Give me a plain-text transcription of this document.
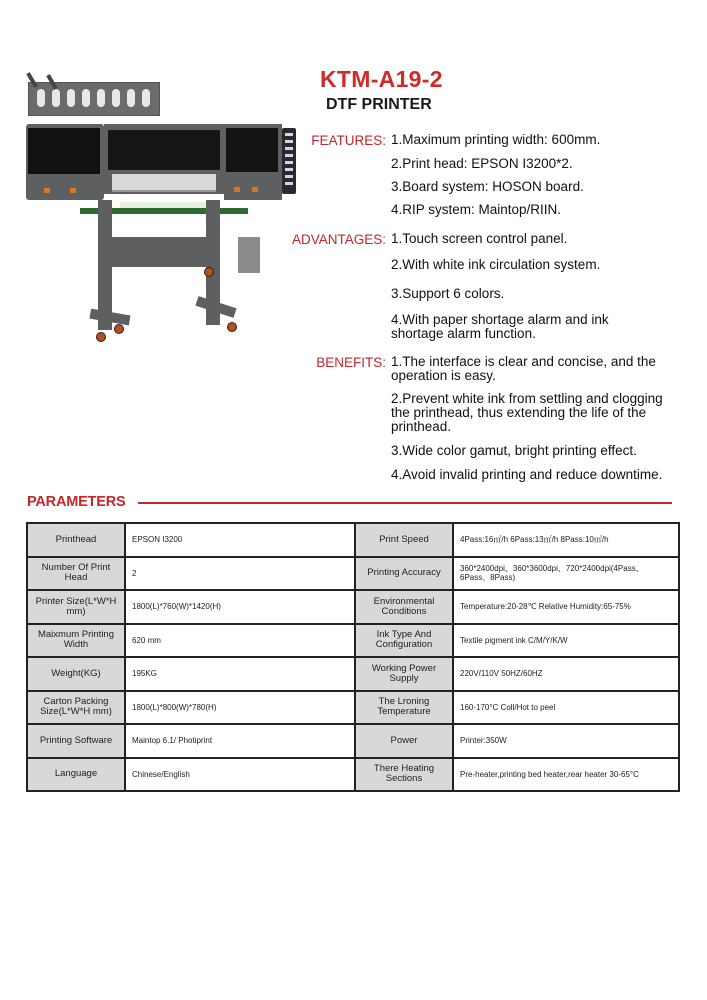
KTM-A19-2
DTF PRINTER
FEATURES: 1.Maximum printing width: 600mm.
2.Print head: EPSON I3200*2.
3.Board system: HOSON board.
4.RIP system: Maintop/RIIN.
ADVANTAGES: 1.Touch screen control panel.
2.With white ink circulation system.
3.Support 6 colors.
4.With paper shortage alarm and ink shortage alarm function.
BENEFITS: 1.The interface is clear and concise, and the operation is easy.
2.Prevent white ink from settling and clogging the printhead, thus extending the life of the printhead.
3.Wide color gamut, bright printing effect.
4.Avoid invalid printing and reduce downtime.
PARAMETERS
Printhead	EPSON I3200	Print Speed	4Pass:16㎡/h 6Pass:13㎡/h 8Pass:10㎡/h
Number Of Print Head	2	Printing Accuracy	360*2400dpi、360*3600dpi、720*2400dpi(4Pass、6Pass、8Pass)
Printer Size(L*W*H mm)	1800(L)*760(W)*1420(H)	Environmental Conditions	Temperature:20-28℃ Relative Humidity:65-75%
Maixmum Printing Width	620 mm	Ink Type And Configuration	Textile pigment ink C/M/Y/K/W
Weight(KG)	195KG	Working Power Supply	220V/110V 50HZ/60HZ
Carton Packing Size(L*W*H mm)	1800(L)*800(W)*780(H)	The Lroning Temperature	160-170°C Coll/Hot to peel
Printing Software	Maintop 6.1/ Photiprint	Power	Printer:350W
Language	Chinese/English	There Heating Sections	Pre-heater,printing bed heater,rear heater 30-65°C
